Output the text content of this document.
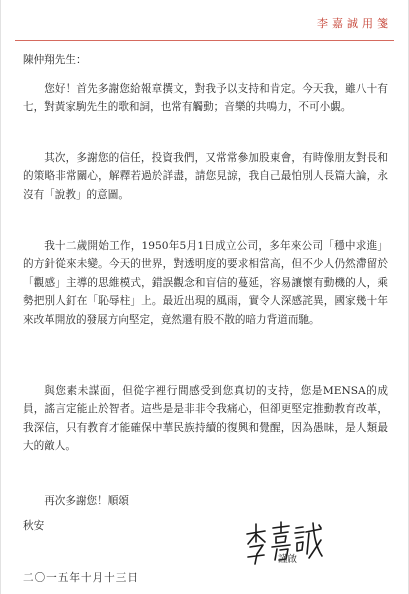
李嘉誠用箋
陳仲翔先生：

您好！首先多謝您給報章撰文，對我予以支持和肯定。今天我，雖八十有七，對黃家駒先生的歌和詞，也常有觸動；音樂的共鳴力，不可小覷。

其次，多謝您的信任，投資我們，又常常參加股東會，有時像朋友對長和的策略非常關心，解釋若過於詳盡，請您見諒，我自己最怕別人長篇大論，永沒有「說教」的意圖。

我十二歲開始工作，1950年5月1日成立公司，多年來公司「穩中求進」的方針從來未變。今天的世界，對透明度的要求相當高，但不少人仍然滯留於「觀感」主導的思維模式，錯誤觀念和盲信的蔓延，容易讓懷有動機的人，乘勢把別人釘在「恥辱柱」上。最近出現的風雨，實令人深感詫異，國家幾十年來改革開放的發展方向堅定，竟然還有股不散的暗力背道而馳。

與您素未謀面，但從字裡行間感受到您真切的支持，您是MENSA的成員，謠言定能止於智者。這些是是非非令我痛心，但卻更堅定推動教育改革，我深信，只有教育才能確保中華民族持續的復興和覺醒，因為愚昧，是人類最大的敵人。

再次多謝您！順頌
秋安
謹啟
二〇一五年十月十三日
